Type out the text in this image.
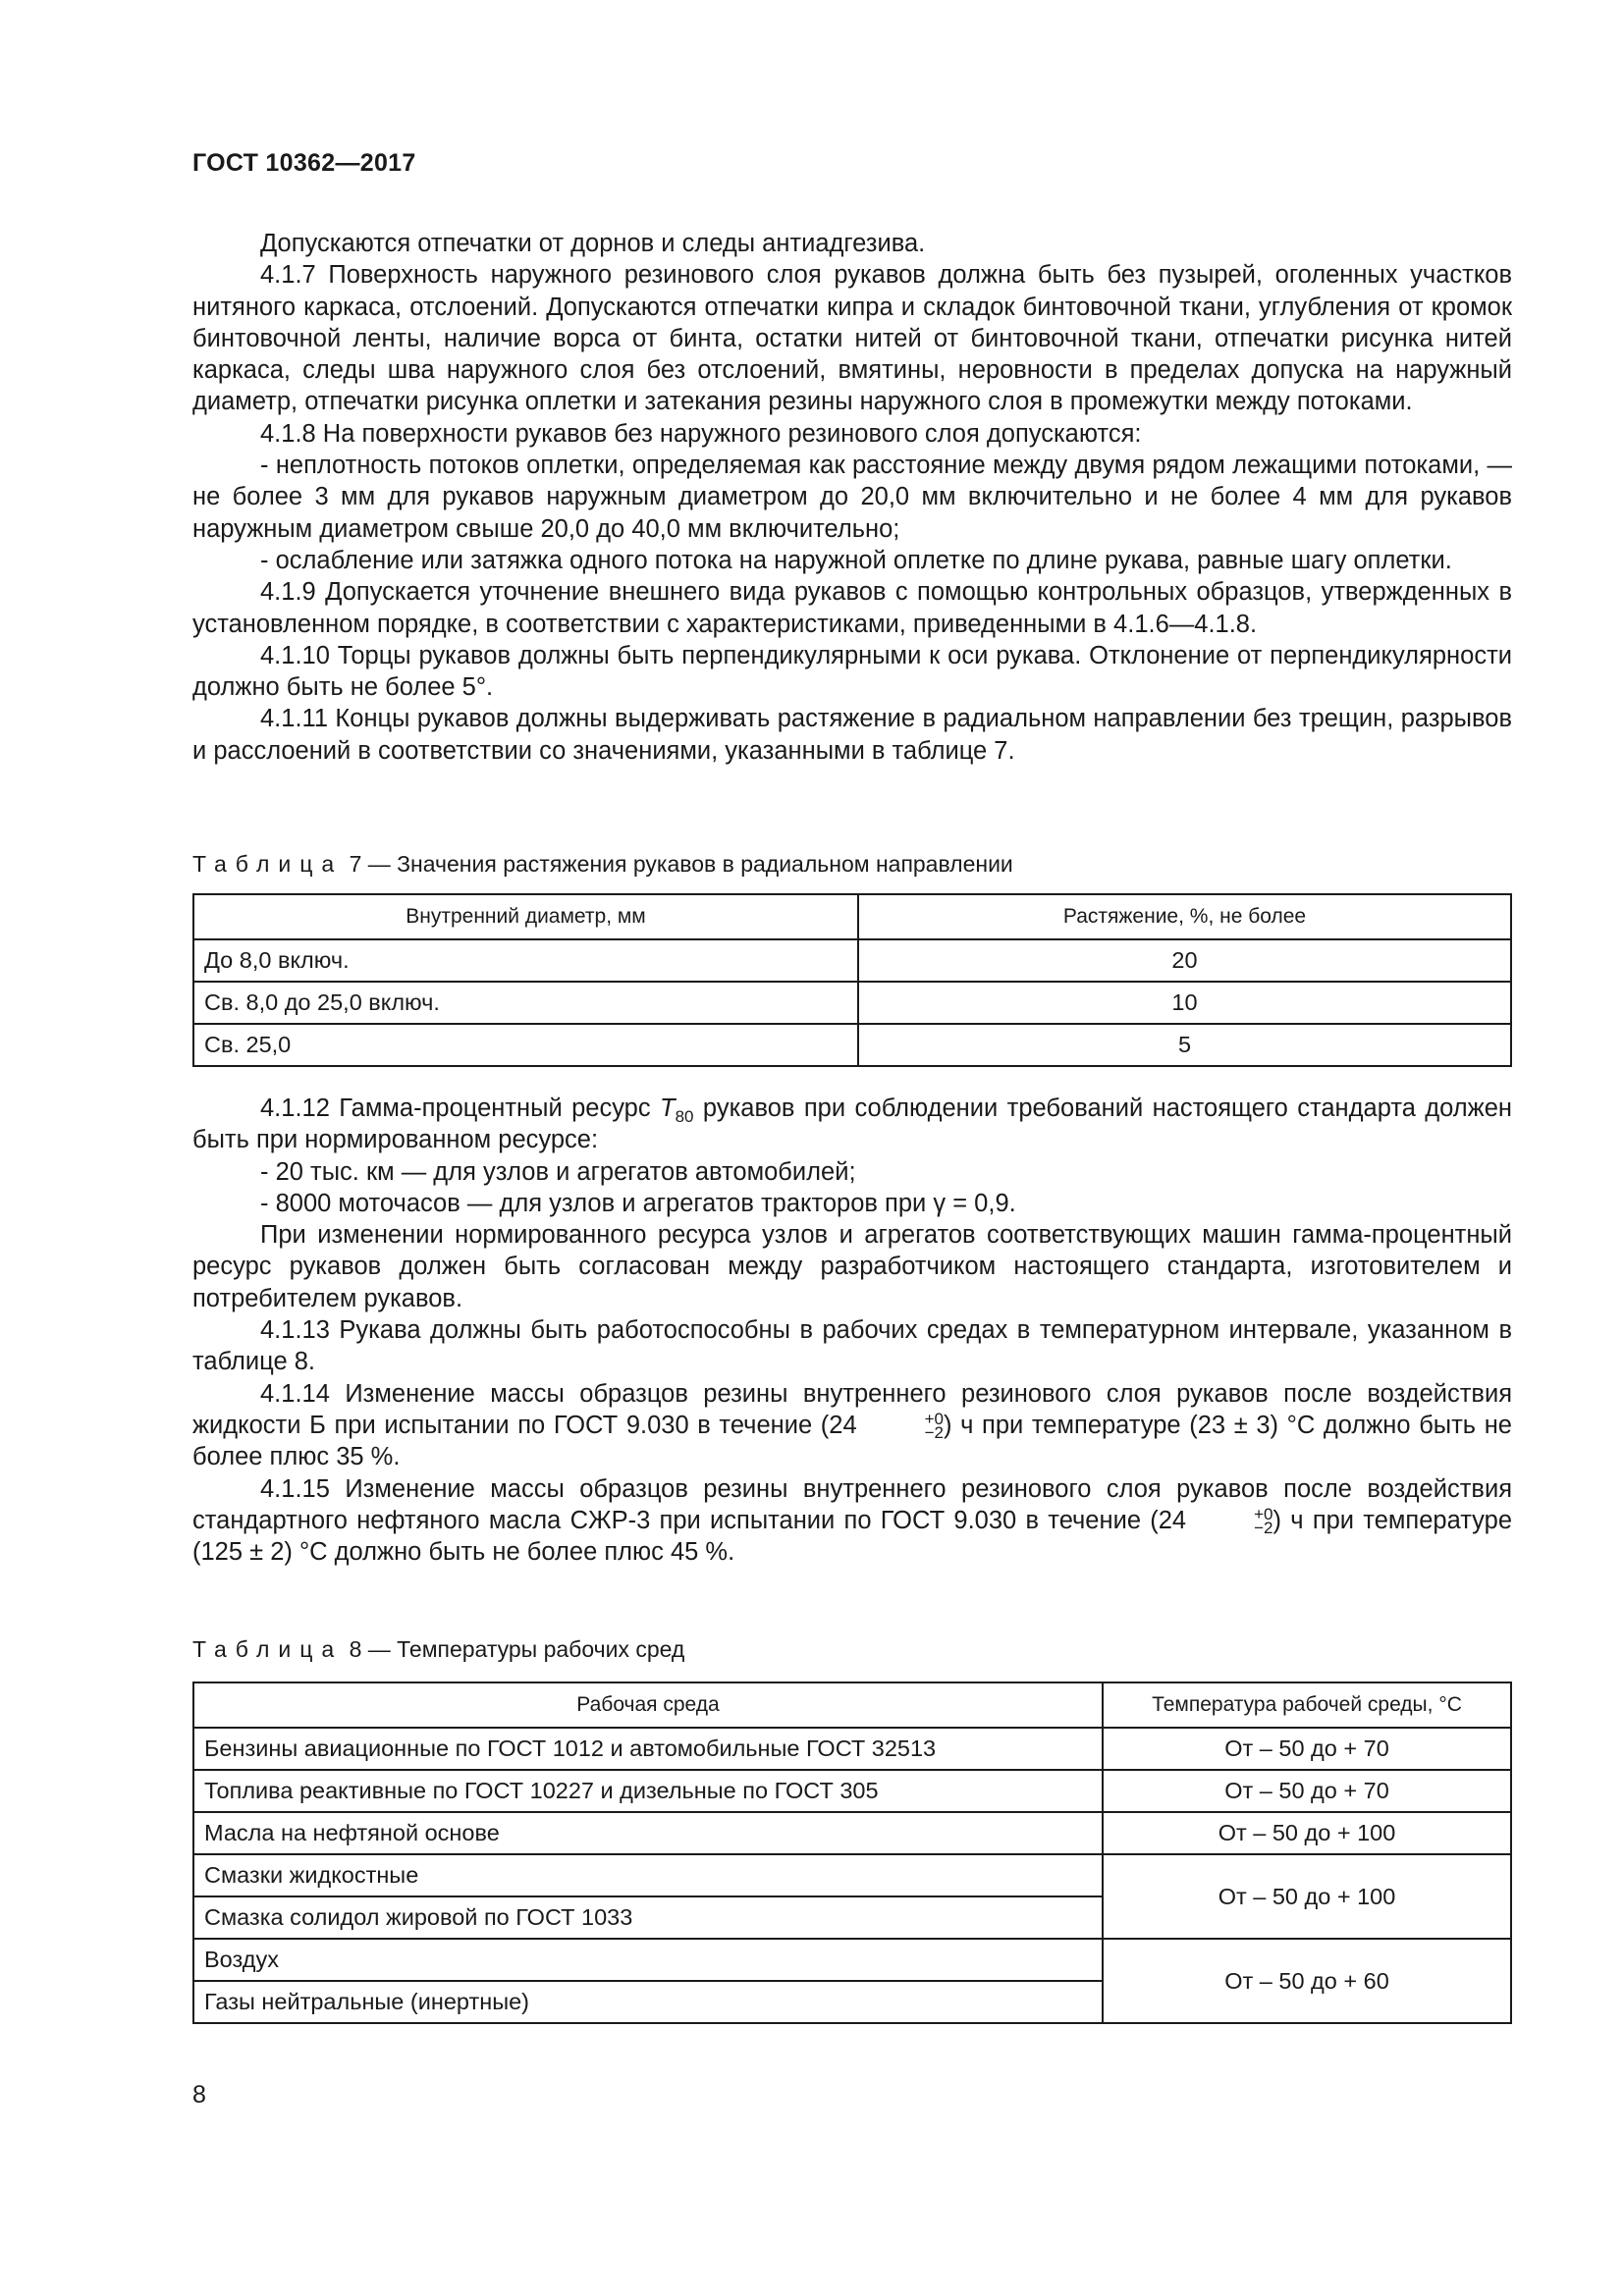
ГОСТ 10362—2017

Допускаются отпечатки от дорнов и следы антиадгезива.

4.1.7 Поверхность наружного резинового слоя рукавов должна быть без пузырей, оголенных участков нитяного каркаса, отслоений. Допускаются отпечатки кипра и складок бинтовочной ткани, углубления от кромок бинтовочной ленты, наличие ворса от бинта, остатки нитей от бинтовочной ткани, отпечатки рисунка нитей каркаса, следы шва наружного слоя без отслоений, вмятины, неровности в пределах допуска на наружный диаметр, отпечатки рисунка оплетки и затекания резины наружного слоя в промежутки между потоками.

4.1.8 На поверхности рукавов без наружного резинового слоя допускаются:

- неплотность потоков оплетки, определяемая как расстояние между двумя рядом лежащими потоками, — не более 3 мм для рукавов наружным диаметром до 20,0 мм включительно и не более 4 мм для рукавов наружным диаметром свыше 20,0 до 40,0 мм включительно;

- ослабление или затяжка одного потока на наружной оплетке по длине рукава, равные шагу оплетки.

4.1.9 Допускается уточнение внешнего вида рукавов с помощью контрольных образцов, утвержденных в установленном порядке, в соответствии с характеристиками, приведенными в 4.1.6—4.1.8.

4.1.10 Торцы рукавов должны быть перпендикулярными к оси рукава. Отклонение от перпендикулярности должно быть не более 5°.

4.1.11 Концы рукавов должны выдерживать растяжение в радиальном направлении без трещин, разрывов и расслоений в соответствии со значениями, указанными в таблице 7.

Таблица 7 — Значения растяжения рукавов в радиальном направлении
Внутренний диаметр, мм	Растяжение, %, не более
До 8,0 включ.	20
Св. 8,0 до 25,0 включ.	10
Св. 25,0	5

4.1.12 Гамма-процентный ресурс $T_{80}$ рукавов при соблюдении требований настоящего стандарта должен быть при нормированном ресурсе:

- 20 тыс. км — для узлов и агрегатов автомобилей;

- 8000 моточасов — для узлов и агрегатов тракторов при γ = 0,9.

При изменении нормированного ресурса узлов и агрегатов соответствующих машин гамма-процентный ресурс рукавов должен быть согласован между разработчиком настоящего стандарта, изготовителем и потребителем рукавов.

4.1.13 Рукава должны быть работоспособны в рабочих средах в температурном интервале, указанном в таблице 8.

4.1.14 Изменение массы образцов резины внутреннего резинового слоя рукавов после воздействия жидкости Б при испытании по ГОСТ 9.030 в течение (24	+0
−2 ) ч при температуре (23 ± 3) °С должно быть не более плюс 35 %.

4.1.15 Изменение массы образцов резины внутреннего резинового слоя рукавов после воздействия стандартного нефтяного масла СЖР-3 при испытании по ГОСТ 9.030 в течение (24	+0
−2 ) ч при температуре (125 ± 2) °С должно быть не более плюс 45 %.

Таблица 8 — Температуры рабочих сред
Рабочая среда	Температура рабочей среды, °С
Бензины авиационные по ГОСТ 1012 и автомобильные ГОСТ 32513	От – 50 до + 70
Топлива реактивные по ГОСТ 10227 и дизельные по ГОСТ 305	От – 50 до + 70
Масла на нефтяной основе	От – 50 до + 100
Смазки жидкостные	От – 50 до + 100
Смазка солидол жировой по ГОСТ 1033	
Воздух	От – 50 до + 60
Газы нейтральные (инертные)	
8
